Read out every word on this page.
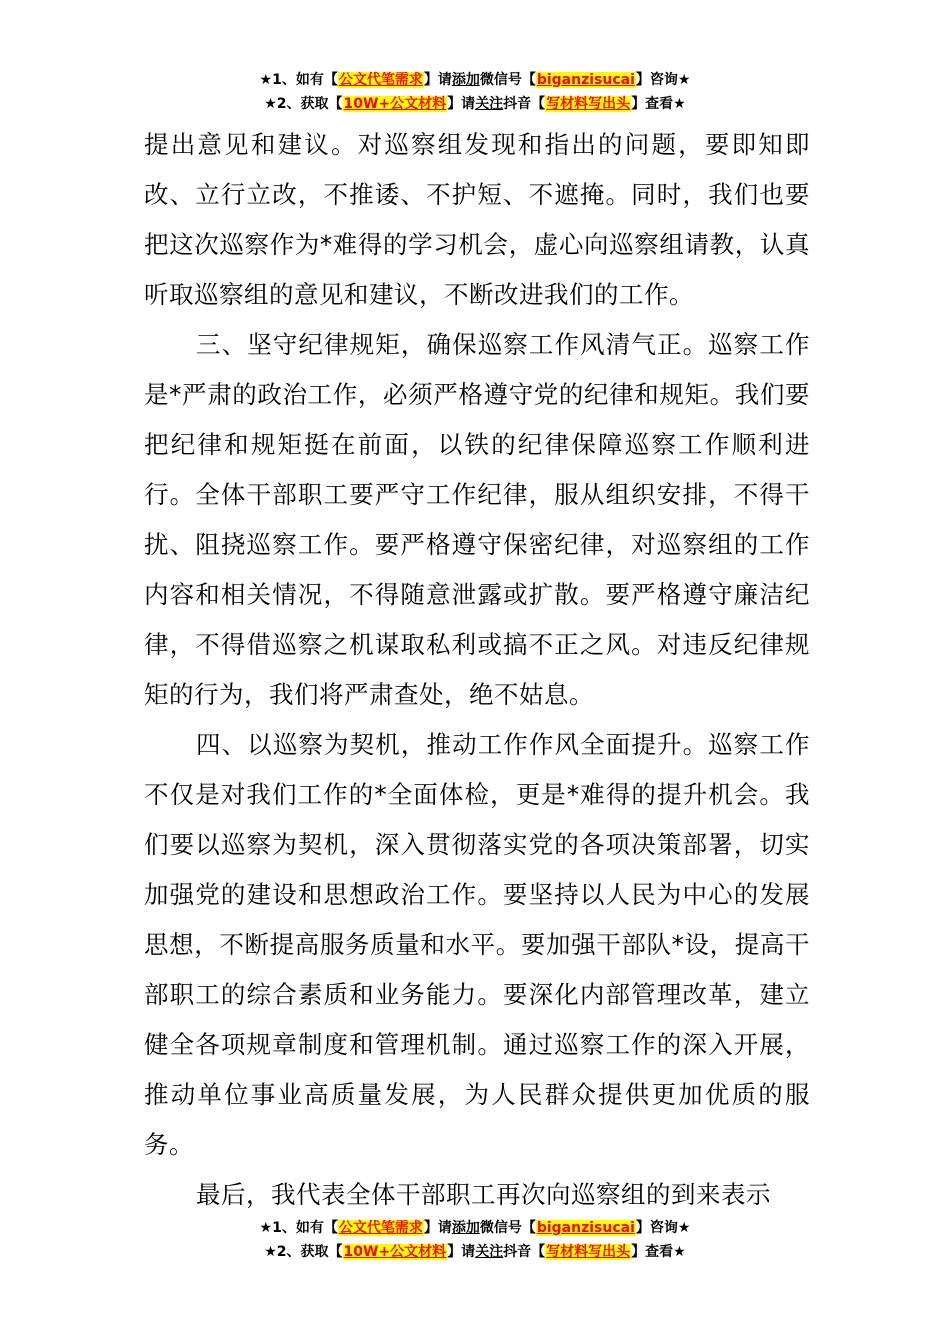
★1、如有【公文代笔需求】请添加微信号【biganzisucai】咨询★
★2、获取【10W+公文材料】请关注抖音【写材料写出头】查看★

提出意见和建议。对巡察组发现和指出的问题，要即知即改、立行立改，不推诿、不护短、不遮掩。同时，我们也要把这次巡察作为*难得的学习机会，虚心向巡察组请教，认真听取巡察组的意见和建议，不断改进我们的工作。

三、坚守纪律规矩，确保巡察工作风清气正。巡察工作是*严肃的政治工作，必须严格遵守党的纪律和规矩。我们要把纪律和规矩挺在前面，以铁的纪律保障巡察工作顺利进行。全体干部职工要严守工作纪律，服从组织安排，不得干扰、阻挠巡察工作。要严格遵守保密纪律，对巡察组的工作内容和相关情况，不得随意泄露或扩散。要严格遵守廉洁纪律，不得借巡察之机谋取私利或搞不正之风。对违反纪律规矩的行为，我们将严肃查处，绝不姑息。

四、以巡察为契机，推动工作作风全面提升。巡察工作不仅是对我们工作的*全面体检，更是*难得的提升机会。我们要以巡察为契机，深入贯彻落实党的各项决策部署，切实加强党的建设和思想政治工作。要坚持以人民为中心的发展思想，不断提高服务质量和水平。要加强干部队*设，提高干部职工的综合素质和业务能力。要深化内部管理改革，建立健全各项规章制度和管理机制。通过巡察工作的深入开展，推动单位事业高质量发展，为人民群众提供更加优质的服务。

最后，我代表全体干部职工再次向巡察组的到来表示

★1、如有【公文代笔需求】请添加微信号【biganzisucai】咨询★
★2、获取【10W+公文材料】请关注抖音【写材料写出头】查看★
